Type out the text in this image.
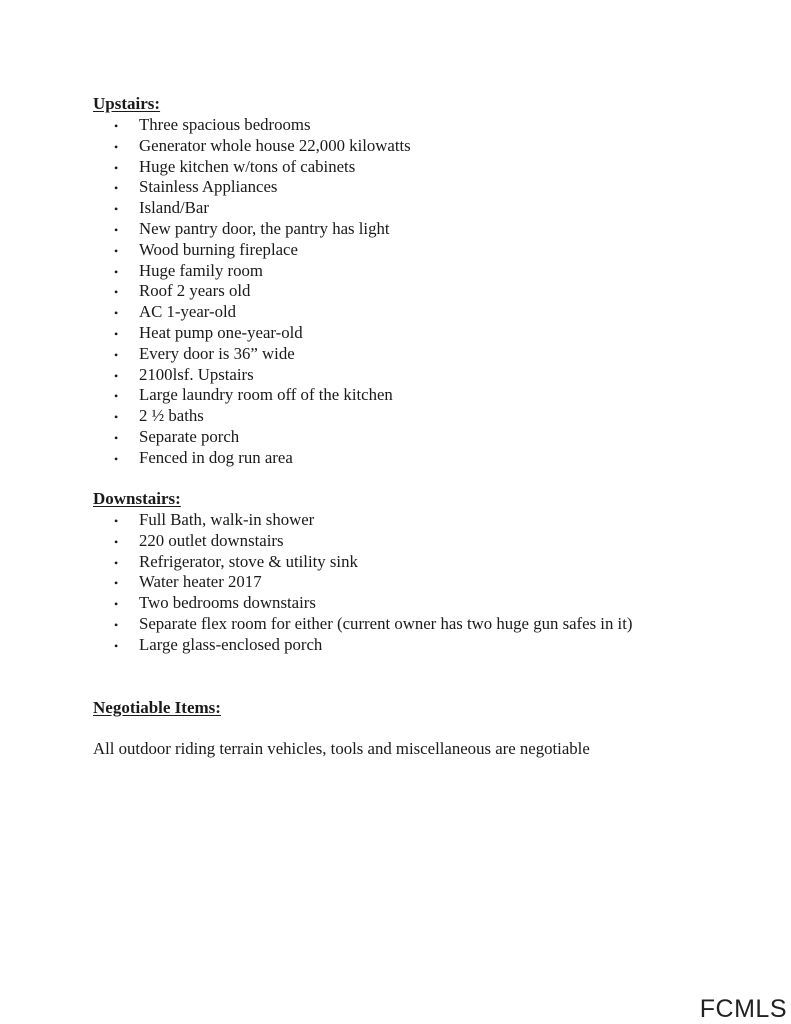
Upstairs:
• Three spacious bedrooms
• Generator whole house 22,000 kilowatts
• Huge kitchen w/tons of cabinets
• Stainless Appliances
• Island/Bar
• New pantry door, the pantry has light
• Wood burning fireplace
• Huge family room
• Roof 2 years old
• AC 1-year-old
• Heat pump one-year-old
• Every door is 36” wide
• 2100lsf. Upstairs
• Large laundry room off of the kitchen
• 2 ½ baths
• Separate porch
• Fenced in dog run area
Downstairs:
• Full Bath, walk-in shower
• 220 outlet downstairs
• Refrigerator, stove & utility sink
• Water heater 2017
• Two bedrooms downstairs
• Separate flex room for either (current owner has two huge gun safes in it)
• Large glass-enclosed porch
Negotiable Items:

All outdoor riding terrain vehicles, tools and miscellaneous are negotiable

FCMLS
